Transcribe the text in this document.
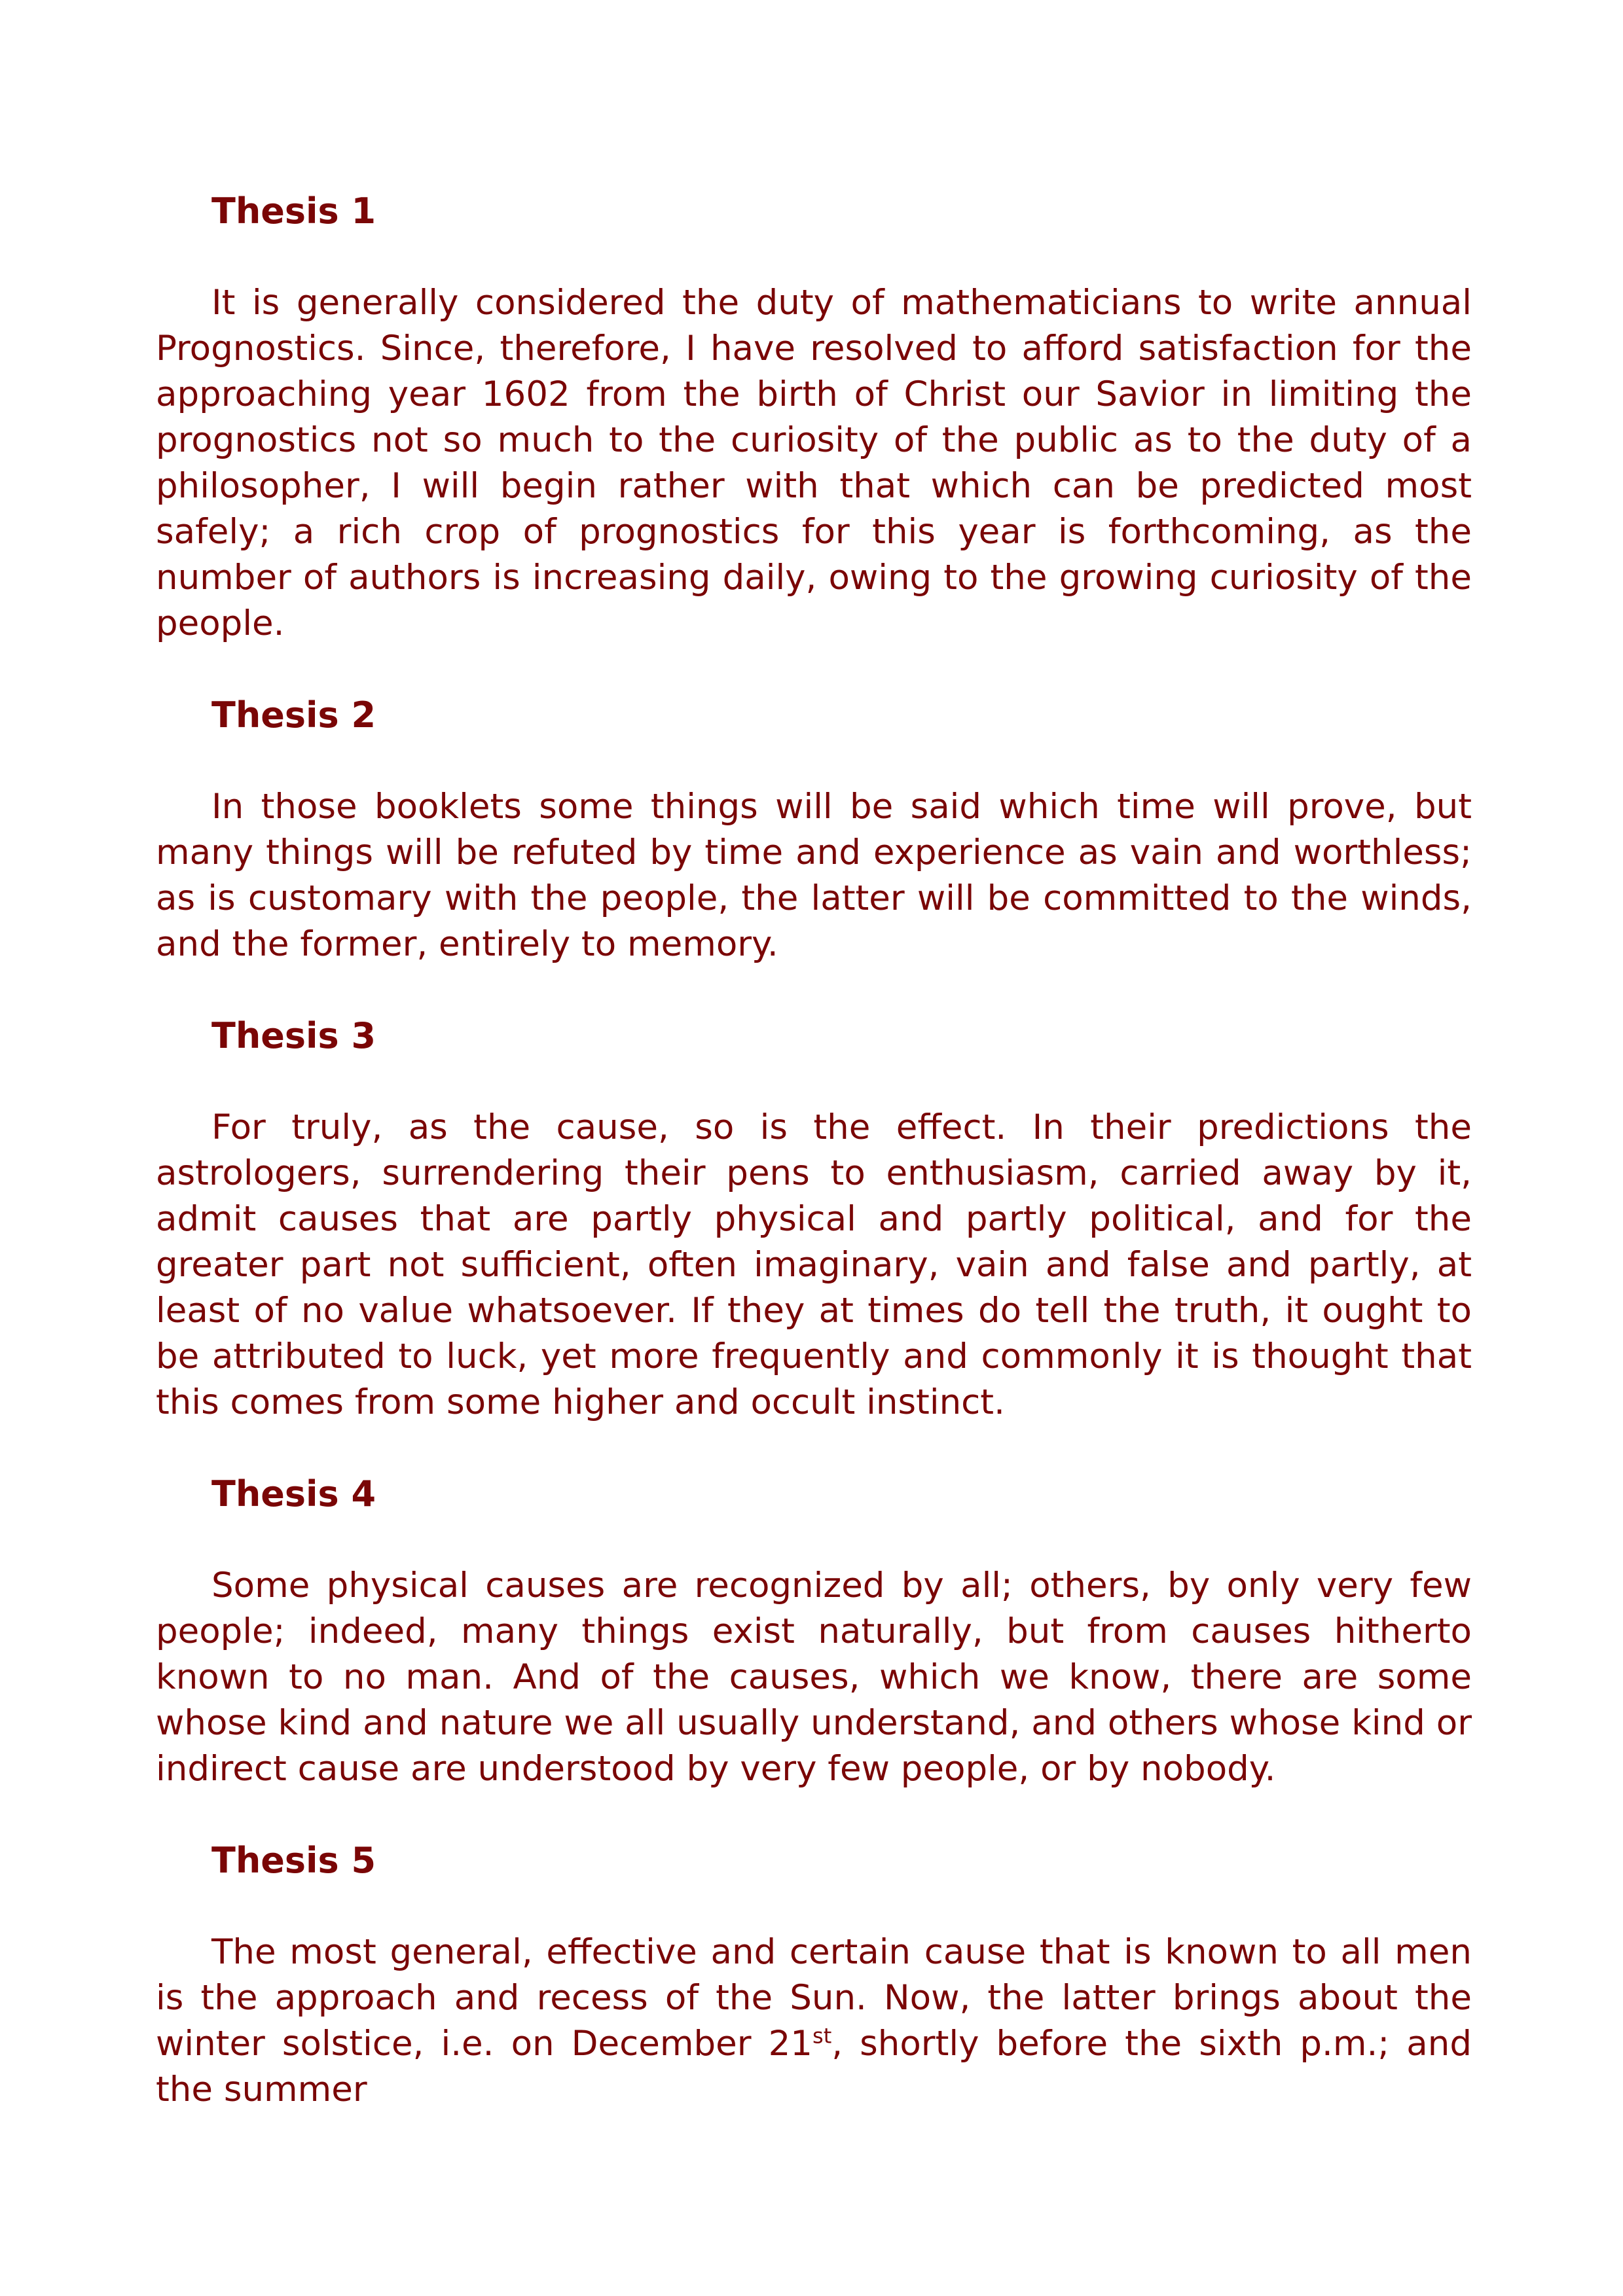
Thesis 1

It is generally considered the duty of mathematicians to write annual Prognostics. Since, therefore, I have resolved to afford satisfaction for the approaching year 1602 from the birth of Christ our Savior in limiting the prognostics not so much to the curiosity of the public as to the duty of a philosopher, I will begin rather with that which can be predicted most safely; a rich crop of prognostics for this year is forthcoming, as the number of authors is increasing daily, owing to the growing curiosity of the people.

Thesis 2

In those booklets some things will be said which time will prove, but many things will be refuted by time and experience as vain and worthless; as is customary with the people, the latter will be committed to the winds, and the former, entirely to memory.

Thesis 3

For truly, as the cause, so is the effect. In their predictions the astrologers, surrendering their pens to enthusiasm, carried away by it, admit causes that are partly physical and partly political, and for the greater part not sufficient, often imaginary, vain and false and partly, at least of no value whatsoever. If they at times do tell the truth, it ought to be attributed to luck, yet more frequently and commonly it is thought that this comes from some higher and occult instinct.

Thesis 4

Some physical causes are recognized by all; others, by only very few people; indeed, many things exist naturally, but from causes hitherto known to no man. And of the causes, which we know, there are some whose kind and nature we all usually understand, and others whose kind or indirect cause are understood by very few people, or by nobody.

Thesis 5

The most general, effective and certain cause that is known to all men is the approach and recess of the Sun. Now, the latter brings about the winter solstice, i.e. on December 21st, shortly before the sixth p.m.; and the summer
